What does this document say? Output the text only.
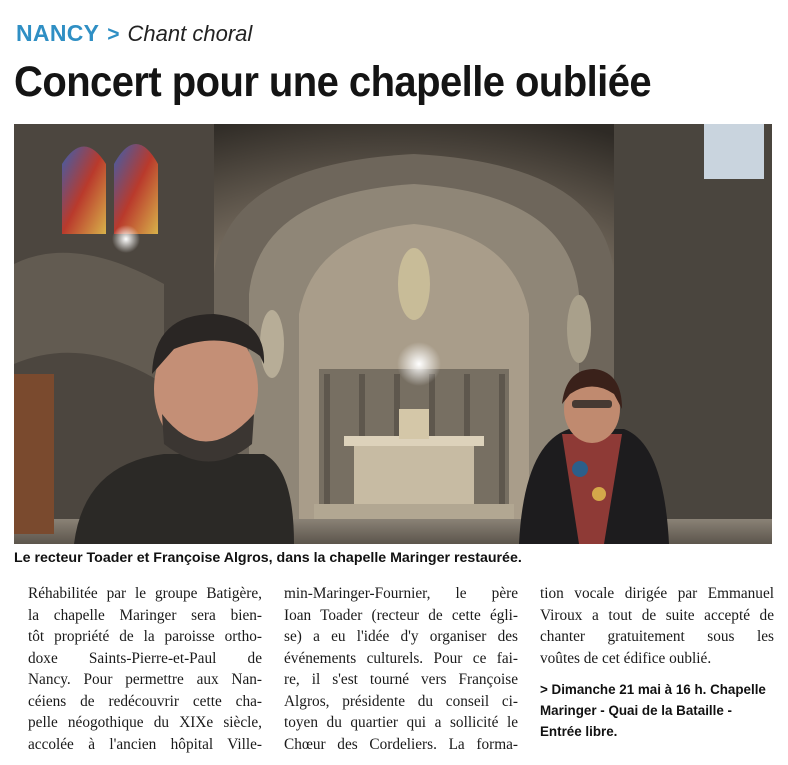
NANCY > Chant choral
Concert pour une chapelle oubliée
Le recteur Toader et Françoise Algros, dans la chapelle Maringer restaurée.

Réhabilitée par le groupe Batigère,
la chapelle Maringer sera bien-
tôt propriété de la paroisse ortho-
doxe Saints-Pierre-et-Paul de
Nancy. Pour permettre aux Nan-
céiens de redécouvrir cette cha-
pelle néogothique du XIXe siècle,
accolée à l'ancien hôpital Ville-

min-Maringer-Fournier, le père
Ioan Toader (recteur de cette égli-
se) a eu l'idée d'y organiser des
événements culturels. Pour ce fai-
re, il s'est tourné vers Françoise
Algros, présidente du conseil ci-
toyen du quartier qui a sollicité le
Chœur des Cordeliers. La forma-

tion vocale dirigée par Emmanuel
Viroux a tout de suite accepté de
chanter gratuitement sous les
voûtes de cet édifice oublié.

> Dimanche 21 mai à 16 h. Chapelle
Maringer - Quai de la Bataille -
Entrée libre.
